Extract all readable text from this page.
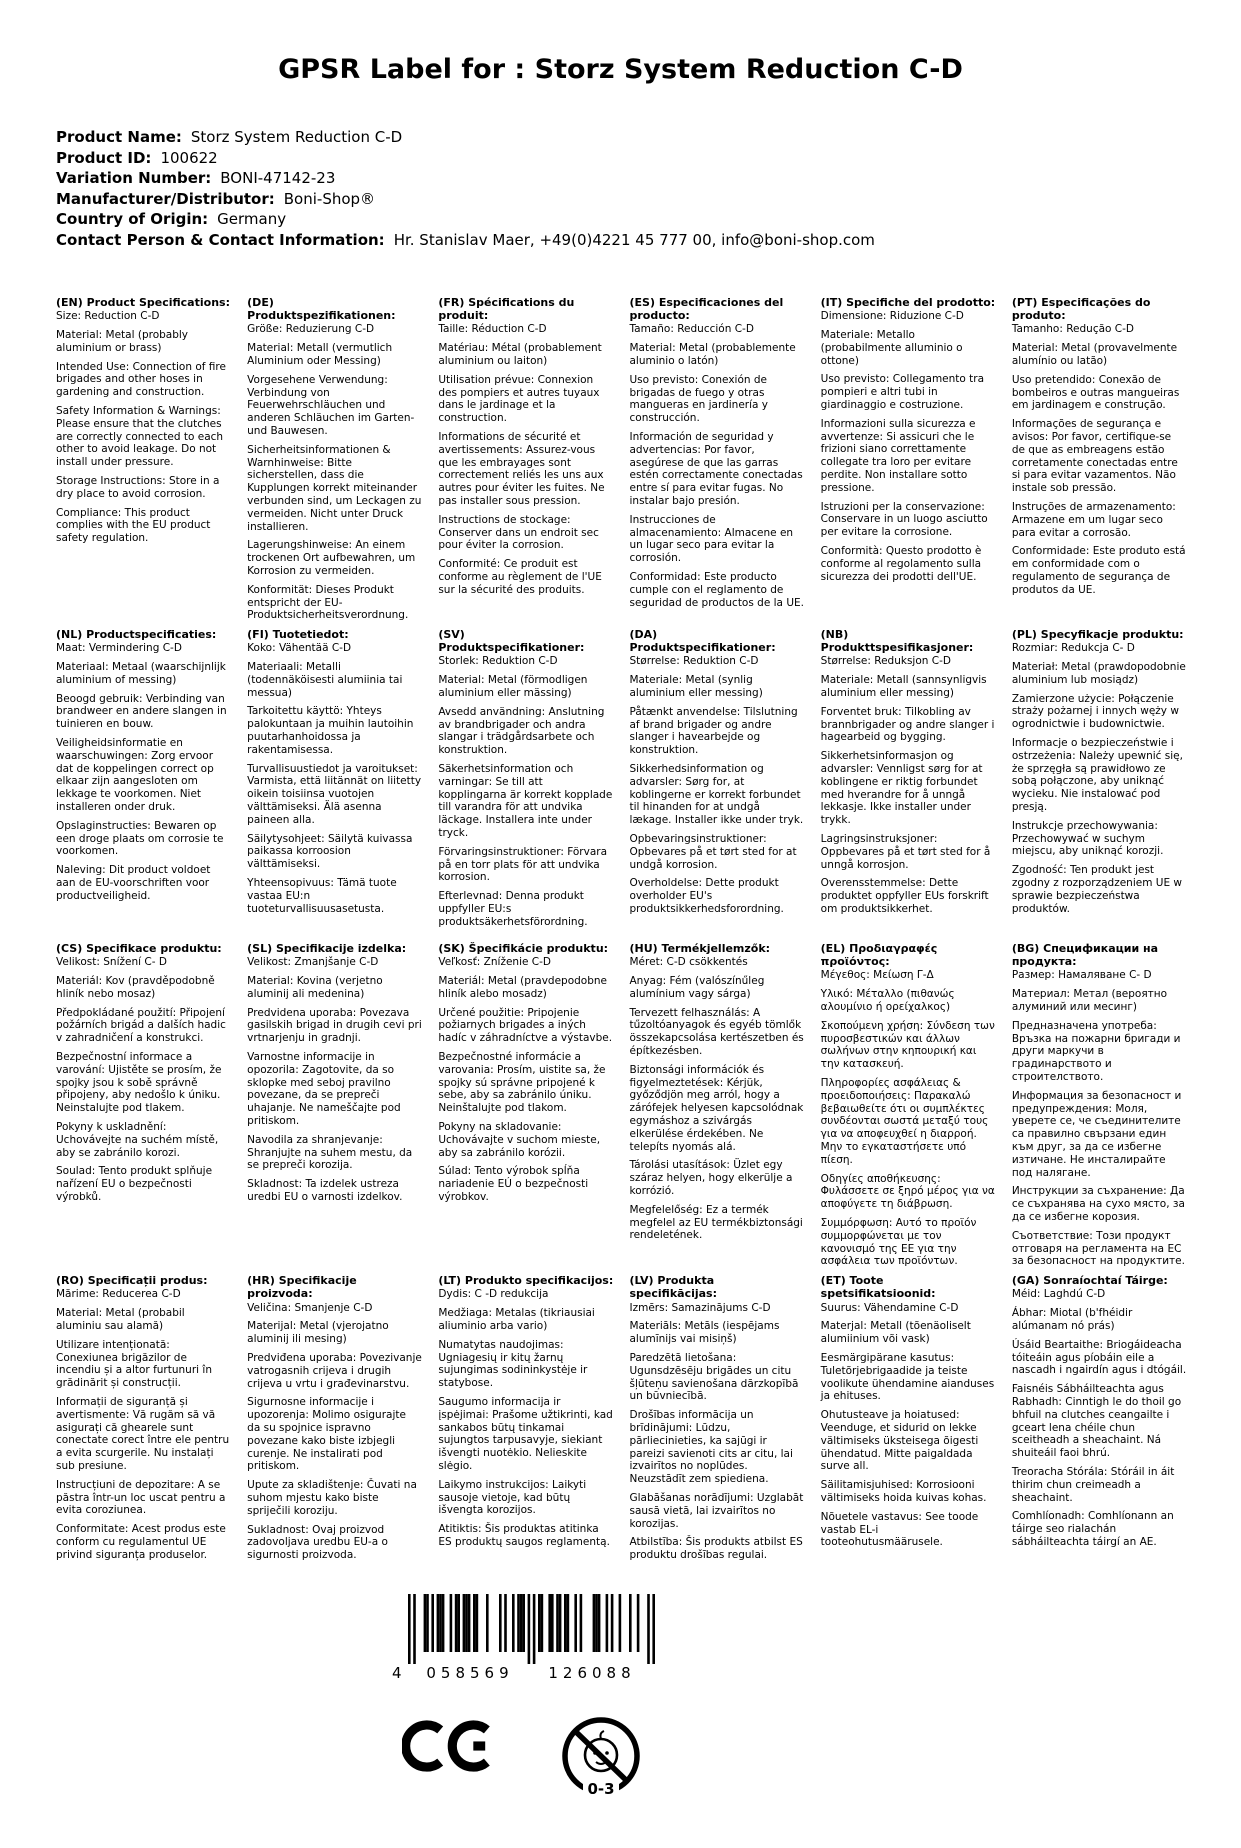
GPSR Label for : Storz System Reduction C-D
Product Name: Storz System Reduction C-D
Product ID: 100622
Variation Number: BONI-47142-23
Manufacturer/Distributor: Boni-Shop®
Country of Origin: Germany
Contact Person & Contact Information: Hr. Stanislav Maer, +49(0)4221 45 777 00, info@boni-shop.com
(EN) Product Specifications:

Size: Reduction C-D

Material: Metal (probably aluminium or brass)

Intended Use: Connection of fire brigades and other hoses in gardening and construction.

Safety Information & Warnings: Please ensure that the clutches are correctly connected to each other to avoid leakage. Do not install under pressure.

Storage Instructions: Store in a dry place to avoid corrosion.

Compliance: This product complies with the EU product safety regulation.

(DE) Produktspezifikationen:

Größe: Reduzierung C-D

Material: Metall (vermutlich Aluminium oder Messing)

Vorgesehene Verwendung: Verbindung von Feuerwehrschläuchen und anderen Schläuchen im Garten- und Bauwesen.

Sicherheitsinformationen & Warnhinweise: Bitte sicherstellen, dass die Kupplungen korrekt miteinander verbunden sind, um Leckagen zu vermeiden. Nicht unter Druck installieren.

Lagerungshinweise: An einem trockenen Ort aufbewahren, um Korrosion zu vermeiden.

Konformität: Dieses Produkt entspricht der EU-Produktsicherheitsverordnung.

(FR) Spécifications du produit:

Taille: Réduction C-D

Matériau: Métal (probablement aluminium ou laiton)

Utilisation prévue: Connexion des pompiers et autres tuyaux dans le jardinage et la construction.

Informations de sécurité et avertissements: Assurez-vous que les embrayages sont correctement reliés les uns aux autres pour éviter les fuites. Ne pas installer sous pression.

Instructions de stockage: Conserver dans un endroit sec pour éviter la corrosion.

Conformité: Ce produit est conforme au règlement de l'UE sur la sécurité des produits.

(ES) Especificaciones del producto:

Tamaño: Reducción C-D

Material: Metal (probablemente aluminio o latón)

Uso previsto: Conexión de brigadas de fuego y otras mangueras en jardinería y construcción.

Información de seguridad y advertencias: Por favor, asegúrese de que las garras estén correctamente conectadas entre sí para evitar fugas. No instalar bajo presión.

Instrucciones de almacenamiento: Almacene en un lugar seco para evitar la corrosión.

Conformidad: Este producto cumple con el reglamento de seguridad de productos de la UE.

(IT) Specifiche del prodotto:

Dimensione: Riduzione C-D

Materiale: Metallo (probabilmente alluminio o ottone)

Uso previsto: Collegamento tra pompieri e altri tubi in giardinaggio e costruzione.

Informazioni sulla sicurezza e avvertenze: Si assicuri che le frizioni siano correttamente collegate tra loro per evitare perdite. Non installare sotto pressione.

Istruzioni per la conservazione: Conservare in un luogo asciutto per evitare la corrosione.

Conformità: Questo prodotto è conforme al regolamento sulla sicurezza dei prodotti dell'UE.

(PT) Especificações do produto:

Tamanho: Redução C-D

Material: Metal (provavelmente alumínio ou latão)

Uso pretendido: Conexão de bombeiros e outras mangueiras em jardinagem e construção.

Informações de segurança e avisos: Por favor, certifique-se de que as embreagens estão corretamente conectadas entre si para evitar vazamentos. Não instale sob pressão.

Instruções de armazenamento: Armazene em um lugar seco para evitar a corrosão.

Conformidade: Este produto está em conformidade com o regulamento de segurança de produtos da UE.

(NL) Productspecificaties:

Maat: Vermindering C-D

Materiaal: Metaal (waarschijnlijk aluminium of messing)

Beoogd gebruik: Verbinding van brandweer en andere slangen in tuinieren en bouw.

Veiligheidsinformatie en waarschuwingen: Zorg ervoor dat de koppelingen correct op elkaar zijn aangesloten om lekkage te voorkomen. Niet installeren onder druk.

Opslaginstructies: Bewaren op een droge plaats om corrosie te voorkomen.

Naleving: Dit product voldoet aan de EU-voorschriften voor productveiligheid.

(FI) Tuotetiedot:

Koko: Vähentää C-D

Materiaali: Metalli (todennäköisesti alumiinia tai messua)

Tarkoitettu käyttö: Yhteys palokuntaan ja muihin lautoihin puutarhanhoidossa ja rakentamisessa.

Turvallisuustiedot ja varoitukset: Varmista, että liitännät on liitetty oikein toisiinsa vuotojen välttämiseksi. Älä asenna paineen alla.

Säilytysohjeet: Säilytä kuivassa paikassa korroosion välttämiseksi.

Yhteensopivuus: Tämä tuote vastaa EU:n tuoteturvallisuusasetusta.

(SV) Produktspecifikationer:

Storlek: Reduktion C-D

Material: Metal (förmodligen aluminium eller mässing)

Avsedd användning: Anslutning av brandbrigader och andra slangar i trädgårdsarbete och konstruktion.

Säkerhetsinformation och varningar: Se till att kopplingarna är korrekt kopplade till varandra för att undvika läckage. Installera inte under tryck.

Förvaringsinstruktioner: Förvara på en torr plats för att undvika korrosion.

Efterlevnad: Denna produkt uppfyller EU:s produktsäkerhetsförordning.

(DA) Produktspecifikationer:

Størrelse: Reduktion C-D

Materiale: Metal (synlig aluminium eller messing)

Påtænkt anvendelse: Tilslutning af brand brigader og andre slanger i havearbejde og konstruktion.

Sikkerhedsinformation og advarsler: Sørg for, at koblingerne er korrekt forbundet til hinanden for at undgå lækage. Installer ikke under tryk.

Opbevaringsinstruktioner: Opbevares på et tørt sted for at undgå korrosion.

Overholdelse: Dette produkt overholder EU's produktsikkerhedsforordning.

(NB) Produkttspesifikasjoner:

Størrelse: Reduksjon C-D

Materiale: Metall (sannsynligvis aluminium eller messing)

Forventet bruk: Tilkobling av brannbrigader og andre slanger i hagearbeid og bygging.

Sikkerhetsinformasjon og advarsler: Vennligst sørg for at koblingene er riktig forbundet med hverandre for å unngå lekkasje. Ikke installer under trykk.

Lagringsinstruksjoner: Oppbevares på et tørt sted for å unngå korrosjon.

Overensstemmelse: Dette produktet oppfyller EUs forskrift om produktsikkerhet.

(PL) Specyfikacje produktu:

Rozmiar: Redukcja C- D

Materiał: Metal (prawdopodobnie aluminium lub mosiądz)

Zamierzone użycie: Połączenie straży pożarnej i innych węży w ogrodnictwie i budownictwie.

Informacje o bezpieczeństwie i ostrzeżenia: Należy upewnić się, że sprzęgła są prawidłowo ze sobą połączone, aby uniknąć wycieku. Nie instalować pod presją.

Instrukcje przechowywania: Przechowywać w suchym miejscu, aby uniknąć korozji.

Zgodność: Ten produkt jest zgodny z rozporządzeniem UE w sprawie bezpieczeństwa produktów.

(CS) Specifikace produktu:

Velikost: Snížení C- D

Materiál: Kov (pravděpodobně hliník nebo mosaz)

Předpokládané použití: Připojení požárních brigád a dalších hadic v zahradničení a konstrukci.

Bezpečnostní informace a varování: Ujistěte se prosím, že spojky jsou k sobě správně připojeny, aby nedošlo k úniku. Neinstalujte pod tlakem.

Pokyny k uskladnění: Uchovávejte na suchém místě, aby se zabránilo korozi.

Soulad: Tento produkt splňuje nařízení EU o bezpečnosti výrobků.

(SL) Specifikacije izdelka:

Velikost: Zmanjšanje C-D

Material: Kovina (verjetno aluminij ali medenina)

Predvidena uporaba: Povezava gasilskih brigad in drugih cevi pri vrtnarjenju in gradnji.

Varnostne informacije in opozorila: Zagotovite, da so sklopke med seboj pravilno povezane, da se prepreči uhajanje. Ne nameščajte pod pritiskom.

Navodila za shranjevanje: Shranjujte na suhem mestu, da se prepreči korozija.

Skladnost: Ta izdelek ustreza uredbi EU o varnosti izdelkov.

(SK) Špecifikácie produktu:

Veľkosť: Zníženie C-D

Materiál: Metal (pravdepodobne hliník alebo mosadz)

Určené použitie: Pripojenie požiarnych brigades a iných hadíc v záhradníctve a výstavbe.

Bezpečnostné informácie a varovania: Prosím, uistite sa, že spojky sú správne pripojené k sebe, aby sa zabránilo úniku. Neinštalujte pod tlakom.

Pokyny na skladovanie: Uchovávajte v suchom mieste, aby sa zabránilo korózii.

Súlad: Tento výrobok spĺňa nariadenie EÚ o bezpečnosti výrobkov.

(HU) Termékjellemzők:

Méret: C-D csökkentés

Anyag: Fém (valószínűleg alumínium vagy sárga)

Tervezett felhasználás: A tűzoltóanyagok és egyéb tömlők összekapcsolása kertészetben és építkezésben.

Biztonsági információk és figyelmeztetések: Kérjük, győződjön meg arról, hogy a zárófejek helyesen kapcsolódnak egymáshoz a szivárgás elkerülése érdekében. Ne telepíts nyomás alá.

Tárolási utasítások: Üzlet egy száraz helyen, hogy elkerülje a korrózió.

Megfelelőség: Ez a termék megfelel az EU termékbiztonsági rendeletének.

(EL) Προδιαγραφές προϊόντος:

Μέγεθος: Μείωση Γ-Δ

Υλικό: Μέταλλο (πιθανώς αλουμίνιο ή ορείχαλκος)

Σκοπούμενη χρήση: Σύνδεση των πυροσβεστικών και άλλων σωλήνων στην κηπουρική και την κατασκευή.

Πληροφορίες ασφάλειας & προειδοποιήσεις: Παρακαλώ βεβαιωθείτε ότι οι συμπλέκτες συνδέονται σωστά μεταξύ τους για να αποφευχθεί η διαρροή. Μην το εγκαταστήσετε υπό πίεση.

Οδηγίες αποθήκευσης: Φυλάσσετε σε ξηρό μέρος για να αποφύγετε τη διάβρωση.

Συμμόρφωση: Αυτό το προϊόν συμμορφώνεται με τον κανονισμό της ΕΕ για την ασφάλεια των προϊόντων.

(BG) Спецификации на продукта:

Размер: Намаляване C- D

Материал: Метал (вероятно алуминий или месинг)

Предназначена употреба: Връзка на пожарни бригади и други маркучи в градинарството и строителството.

Информация за безопасност и предупреждения: Моля, уверете се, че съединителите са правилно свързани един към друг, за да се избегне изтичане. Не инсталирайте под налягане.

Инструкции за съхранение: Да се съхранява на сухо място, за да се избегне корозия.

Съответствие: Този продукт отговаря на регламента на ЕС за безопасност на продуктите.

(RO) Specificații produs:

Mărime: Reducerea C-D

Material: Metal (probabil aluminiu sau alamă)

Utilizare intenționată: Conexiunea brigăzilor de incendiu și a altor furtunuri în grădinărit și construcții.

Informații de siguranță și avertismente: Vă rugăm să vă asigurați că ghearele sunt conectate corect între ele pentru a evita scurgerile. Nu instalați sub presiune.

Instrucțiuni de depozitare: A se păstra într-un loc uscat pentru a evita coroziunea.

Conformitate: Acest produs este conform cu regulamentul UE privind siguranța produselor.

(HR) Specifikacije proizvoda:

Veličina: Smanjenje C-D

Materijal: Metal (vjerojatno aluminij ili mesing)

Predviđena uporaba: Povezivanje vatrogasnih crijeva i drugih crijeva u vrtu i građevinarstvu.

Sigurnosne informacije i upozorenja: Molimo osigurajte da su spojnice ispravno povezane kako biste izbjegli curenje. Ne instalirati pod pritiskom.

Upute za skladištenje: Čuvati na suhom mjestu kako biste spriječili koroziju.

Sukladnost: Ovaj proizvod zadovoljava uredbu EU-a o sigurnosti proizvoda.

(LT) Produkto specifikacijos:

Dydis: C -D redukcija

Medžiaga: Metalas (tikriausiai aliuminio arba vario)

Numatytas naudojimas: Ugniagesių ir kitų žarnų sujungimas sodininkystėje ir statybose.

Saugumo informacija ir įspėjimai: Prašome užtikrinti, kad sankabos būtų tinkamai sujungtos tarpusavyje, siekiant išvengti nuotėkio. Nelieskite slėgio.

Laikymo instrukcijos: Laikyti sausoje vietoje, kad būtų išvengta korozijos.

Atitiktis: Šis produktas atitinka ES produktų saugos reglamentą.

(LV) Produkta specifikācijas:

Izmērs: Samazinājums C-D

Materiāls: Metāls (iespējams alumīnijs vai misiņš)

Paredzētā lietošana: Ugunsdzēsēju brigādes un citu šļūteņu savienošana dārzkopībā un būvniecībā.

Drošības informācija un brīdinājumi: Lūdzu, pārliecinieties, ka sajūgi ir pareizi savienoti cits ar citu, lai izvairītos no noplūdes. Neuzstādīt zem spiediena.

Glabāšanas norādījumi: Uzglabāt sausā vietā, lai izvairītos no korozijas.

Atbilstība: Šis produkts atbilst ES produktu drošības regulai.

(ET) Toote spetsifikatsioonid:

Suurus: Vähendamine C-D

Materjal: Metall (tõenäoliselt alumiinium või vask)

Eesmärgipärane kasutus: Tuletõrjebrigaadide ja teiste voolikute ühendamine aianduses ja ehituses.

Ohutusteave ja hoiatused: Veenduge, et sidurid on lekke vältimiseks üksteisega õigesti ühendatud. Mitte paigaldada surve all.

Säilitamisjuhised: Korrosiooni vältimiseks hoida kuivas kohas.

Nõuetele vastavus: See toode vastab EL-i tooteohutusmäärusele.

(GA) Sonraíochtaí Táirge:

Méid: Laghdú C-D

Ábhar: Miotal (b'fhéidir alúmanam nó prás)

Úsáid Beartaithe: Briogáideacha tóiteáin agus píobáin eile a nascadh i ngairdín agus i dtógáil.

Faisnéis Sábháilteachta agus Rabhadh: Cinntigh le do thoil go bhfuil na clutches ceangailte i gceart lena chéile chun sceitheadh a sheachaint. Ná shuiteáil faoi bhrú.

Treoracha Stórála: Stóráil in áit thirim chun creimeadh a sheachaint.

Comhlíonadh: Comhlíonann an táirge seo rialachán sábháilteachta táirgí an AE.

4 058569 126088
0-3
